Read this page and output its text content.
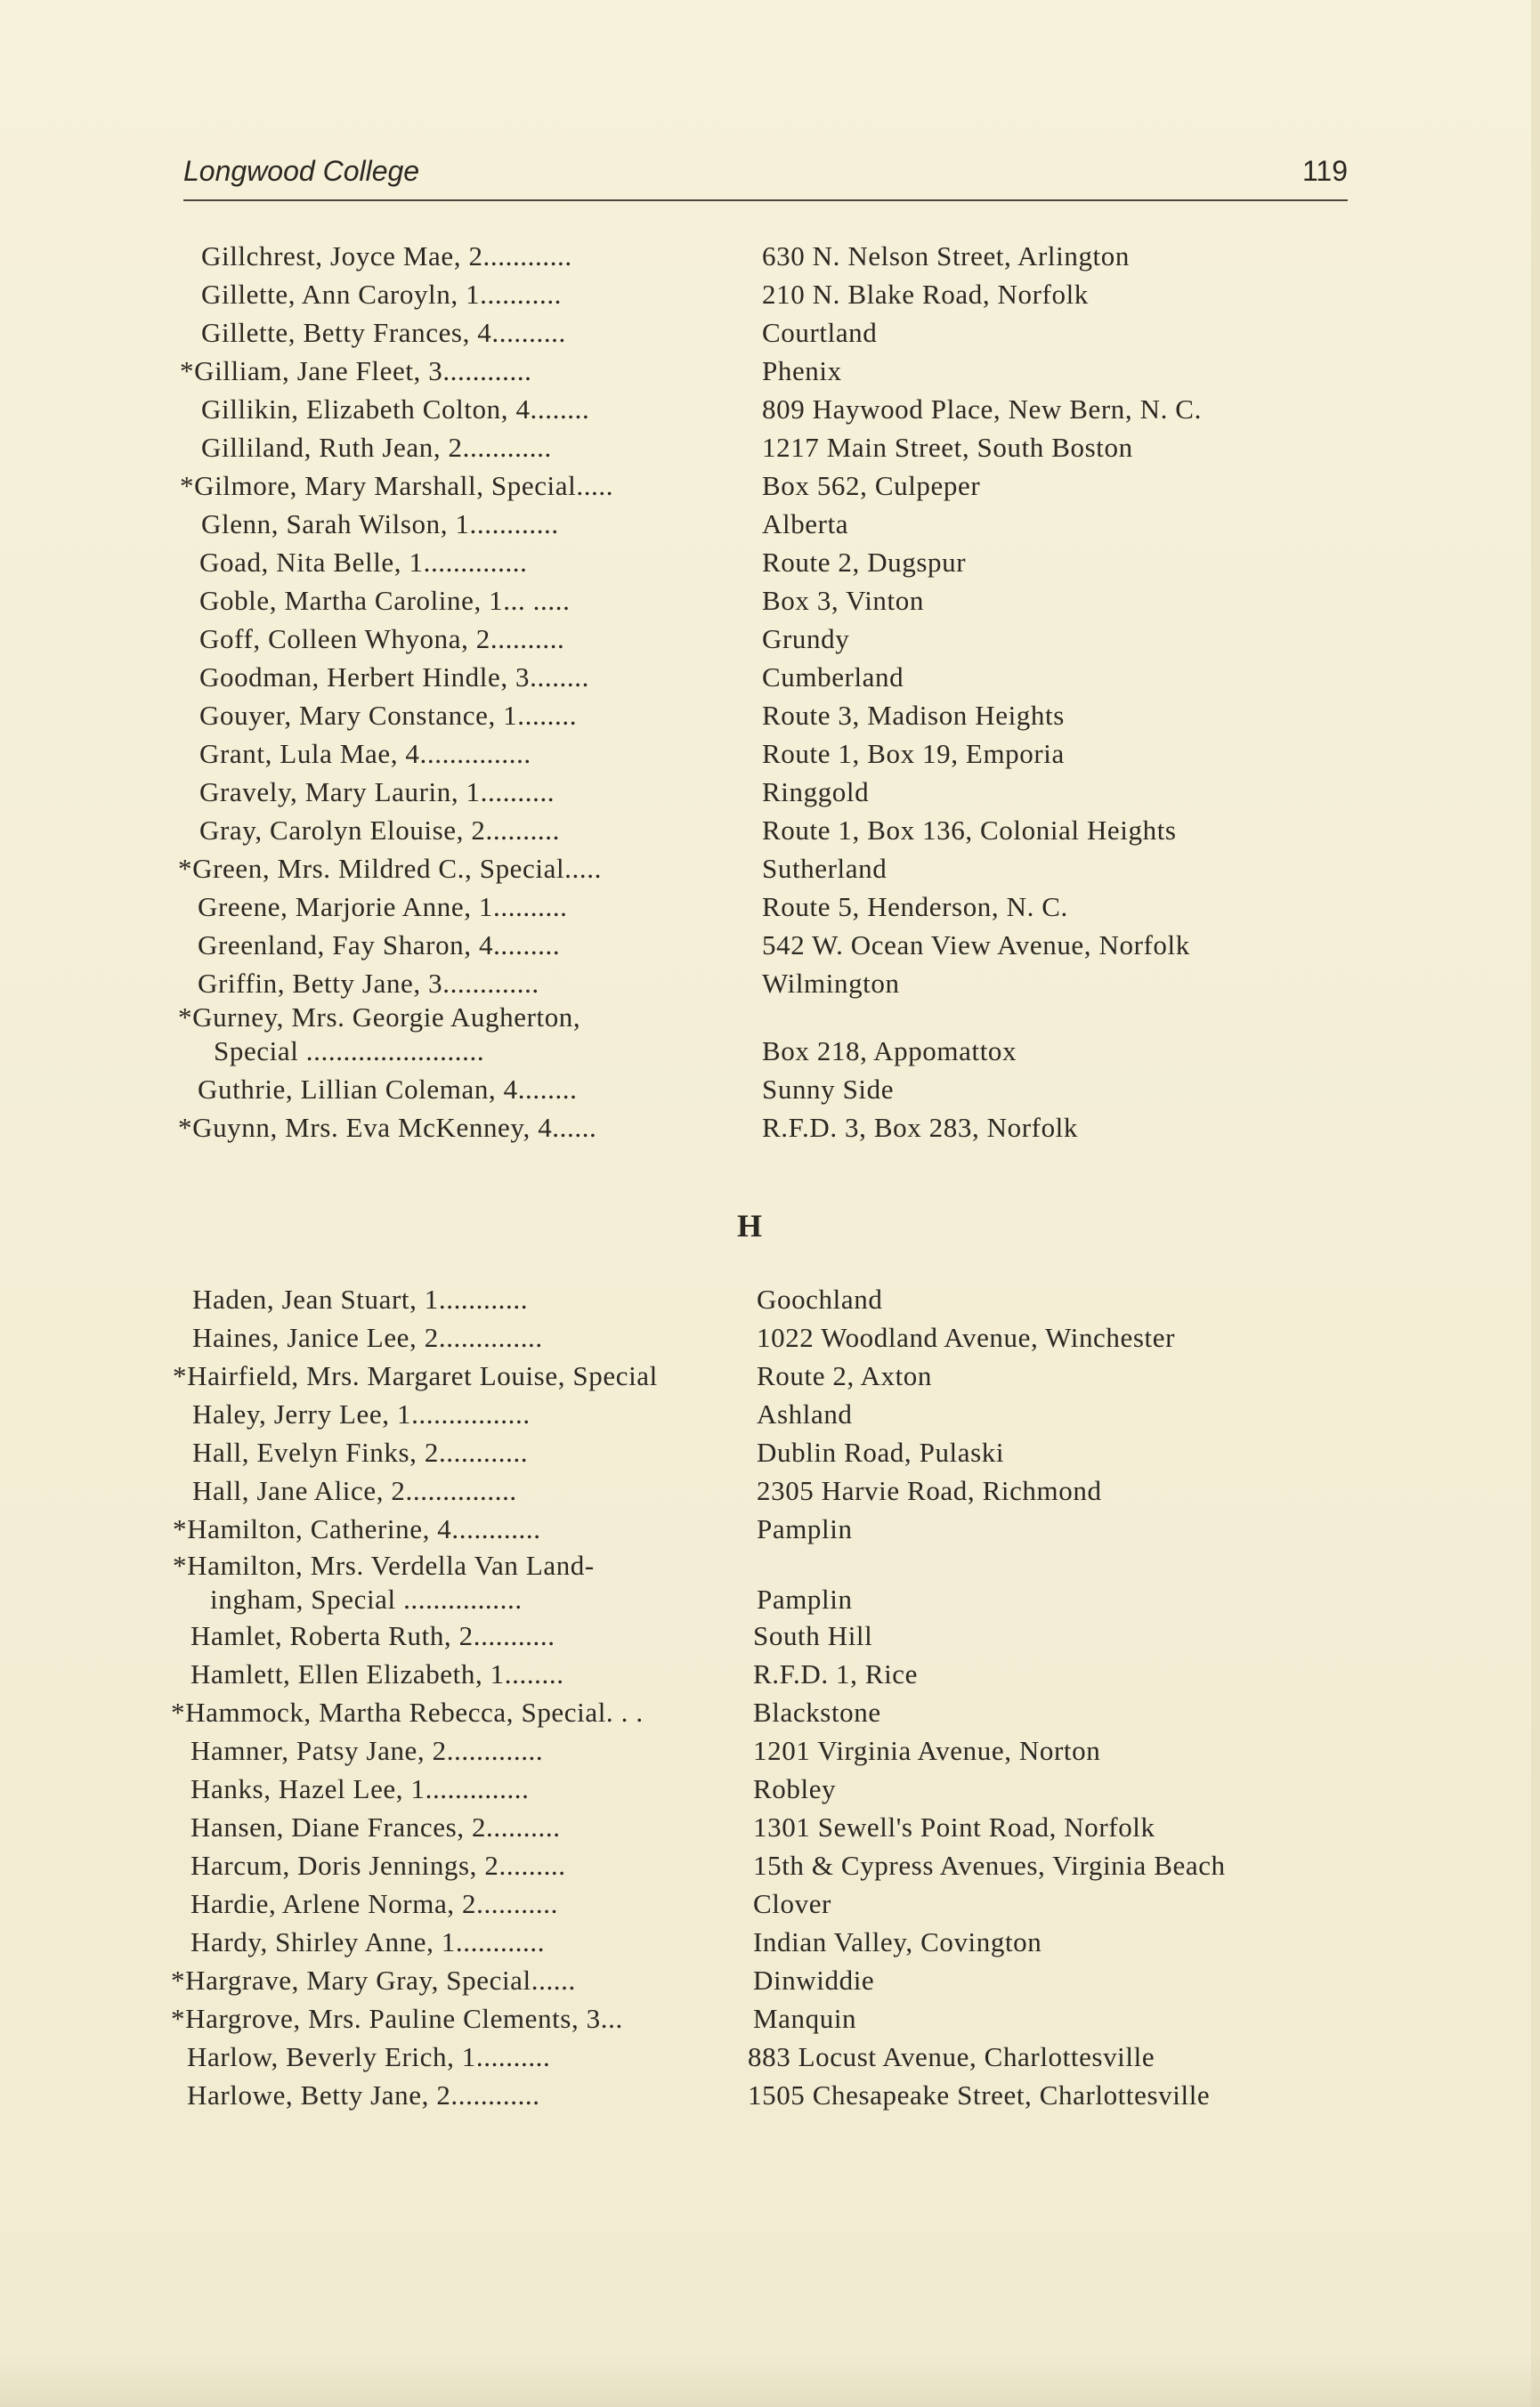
Longwood College	119
Gillchrest, Joyce Mae, 2............	630 N. Nelson Street, Arlington
Gillette, Ann Caroyln, 1...........	210 N. Blake Road, Norfolk
Gillette, Betty Frances, 4..........	Courtland
*Gilliam, Jane Fleet, 3............	Phenix
Gillikin, Elizabeth Colton, 4........	809 Haywood Place, New Bern, N. C.
Gilliland, Ruth Jean, 2............	1217 Main Street, South Boston
*Gilmore, Mary Marshall, Special.....	Box 562, Culpeper
Glenn, Sarah Wilson, 1............	Alberta
Goad, Nita Belle, 1..............	Route 2, Dugspur
Goble, Martha Caroline, 1... .....	Box 3, Vinton
Goff, Colleen Whyona, 2..........	Grundy
Goodman, Herbert Hindle, 3........	Cumberland
Gouyer, Mary Constance, 1........	Route 3, Madison Heights
Grant, Lula Mae, 4...............	Route 1, Box 19, Emporia
Gravely, Mary Laurin, 1..........	Ringgold
Gray, Carolyn Elouise, 2..........	Route 1, Box 136, Colonial Heights
*Green, Mrs. Mildred C., Special.....	Sutherland
Greene, Marjorie Anne, 1..........	Route 5, Henderson, N. C.
Greenland, Fay Sharon, 4.........	542 W. Ocean View Avenue, Norfolk
Griffin, Betty Jane, 3.............	Wilmington
*Gurney, Mrs. Georgie Augherton,
Special ........................	Box 218, Appomattox
Guthrie, Lillian Coleman, 4........	Sunny Side
*Guynn, Mrs. Eva McKenney, 4......	R.F.D. 3, Box 283, Norfolk
H
Haden, Jean Stuart, 1............	Goochland
Haines, Janice Lee, 2..............	1022 Woodland Avenue, Winchester
*Hairfield, Mrs. Margaret Louise, Special	Route 2, Axton
Haley, Jerry Lee, 1................	Ashland
Hall, Evelyn Finks, 2............	Dublin Road, Pulaski
Hall, Jane Alice, 2...............	2305 Harvie Road, Richmond
*Hamilton, Catherine, 4............	Pamplin
*Hamilton, Mrs. Verdella Van Land-
ingham, Special ................	Pamplin
Hamlet, Roberta Ruth, 2...........	South Hill
Hamlett, Ellen Elizabeth, 1........	R.F.D. 1, Rice
*Hammock, Martha Rebecca, Special. . .	Blackstone
Hamner, Patsy Jane, 2.............	1201 Virginia Avenue, Norton
Hanks, Hazel Lee, 1..............	Robley
Hansen, Diane Frances, 2..........	1301 Sewell's Point Road, Norfolk
Harcum, Doris Jennings, 2.........	15th & Cypress Avenues, Virginia Beach
Hardie, Arlene Norma, 2...........	Clover
Hardy, Shirley Anne, 1............	Indian Valley, Covington
*Hargrave, Mary Gray, Special......	Dinwiddie
*Hargrove, Mrs. Pauline Clements, 3...	Manquin
Harlow, Beverly Erich, 1..........	883 Locust Avenue, Charlottesville
Harlowe, Betty Jane, 2............	1505 Chesapeake Street, Charlottesville
